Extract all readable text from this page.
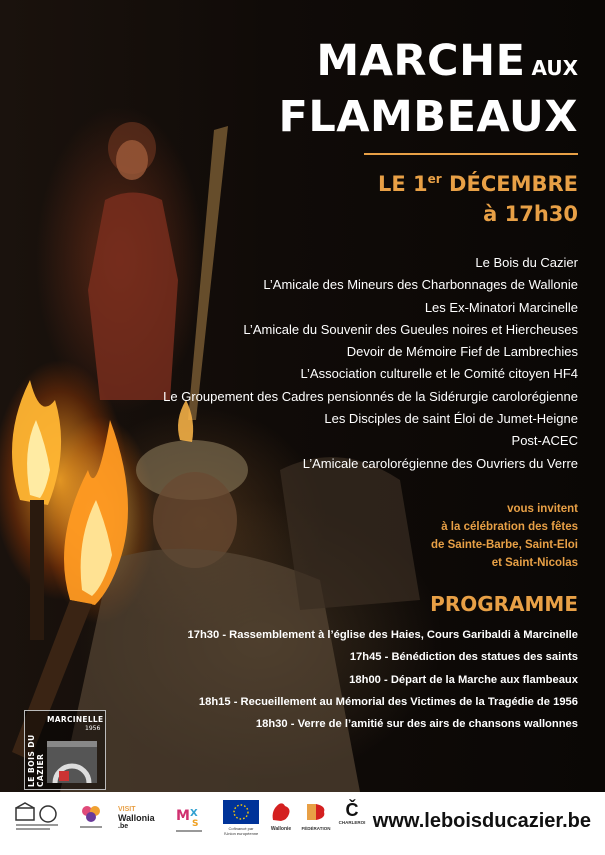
MARCHE AUX
FLAMBEAUX
LE 1er DÉCEMBRE
à 17h30
Le Bois du Cazier
L’Amicale des Mineurs des Charbonnages de Wallonie
Les Ex-Minatori Marcinelle
L’Amicale du Souvenir des Gueules noires et Hiercheuses
Devoir de Mémoire Fief de Lambrechies
L’Association culturelle et le Comité citoyen HF4
Le Groupement des Cadres pensionnés de la Sidérurgie carolorégienne
Les Disciples de saint Éloi de Jumet-Heigne
Post-ACEC
L’Amicale carolorégienne des Ouvriers du Verre
vous invitent
à la célébration des fêtes
de Sainte-Barbe, Saint-Eloi
et Saint-Nicolas
PROGRAMME
17h30 - Rassemblement à l’église des Haies, Cours Garibaldi à Marcinelle
17h45 - Bénédiction des statues des saints
18h00 - Départ de la Marche aux flambeaux
18h15 - Recueillement au Mémorial des Victimes de la Tragédie de 1956
18h30 - Verre de l’amitié sur des airs de chansons wallonnes
LE BOIS DU CAZIER
MARCINELLE
1956
VISIT
Wallonia
.be
M X
S	Cofinancé par l'Union européenne
Wallonie	FÉDÉRATION
Č
CHARLEROI www.leboisducazier.be
